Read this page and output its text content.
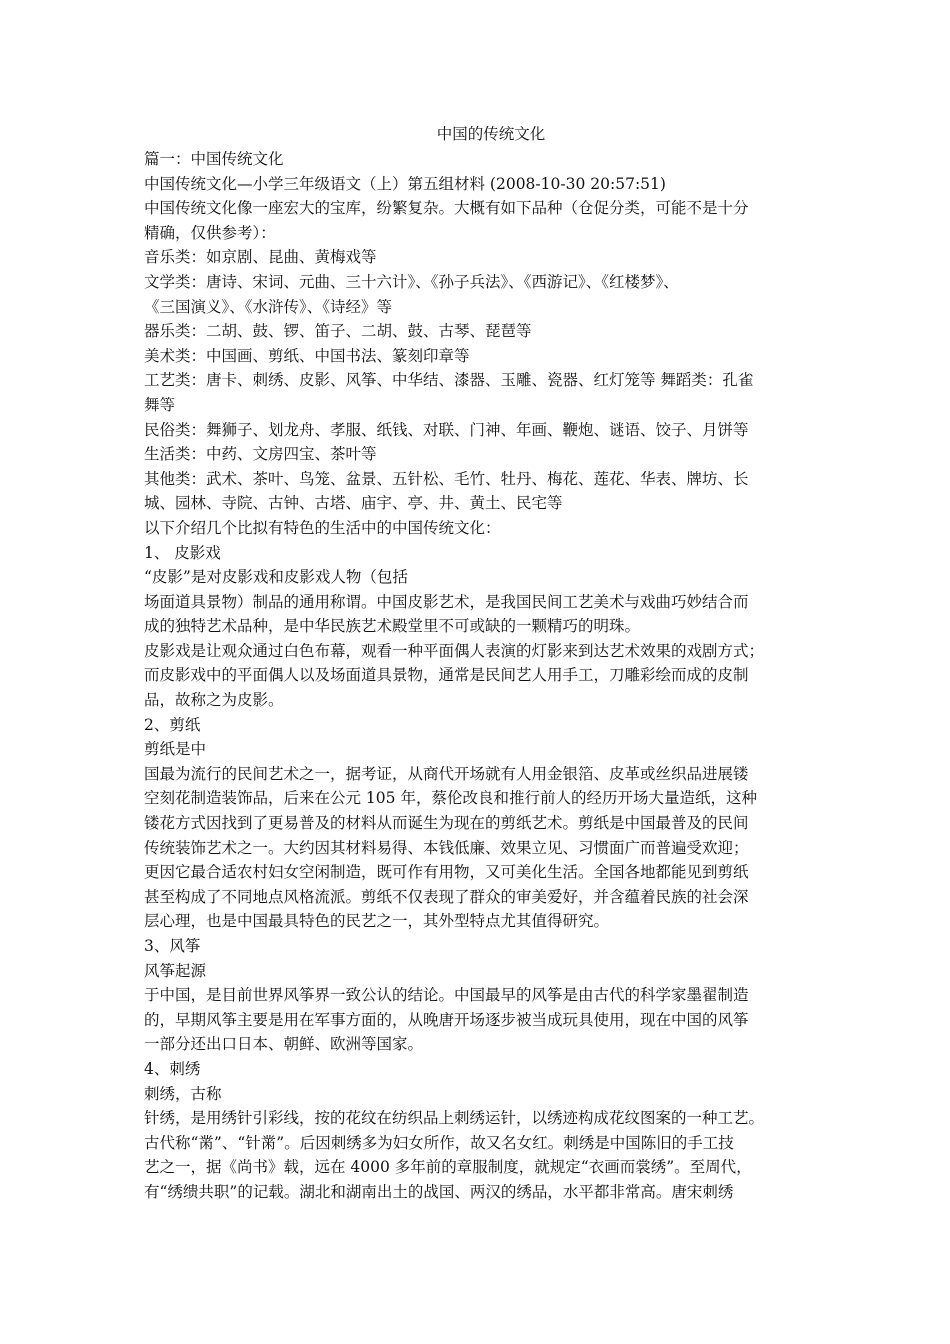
中国的传统文化
篇一：中国传统文化
中国传统文化—小学三年级语文（上）第五组材料 (2008-10-30 20:57:51)
中国传统文化像一座宏大的宝库，纷繁复杂。大概有如下品种（仓促分类，可能不是十分
精确，仅供参考）：
音乐类：如京剧、昆曲、黄梅戏等
文学类：唐诗、宋词、元曲、三十六计》、《孙子兵法》、《西游记》、《红楼梦》、
《三国演义》、《水浒传》、《诗经》等
器乐类：二胡、鼓、锣、笛子、二胡、鼓、古琴、琵琶等
美术类：中国画、剪纸、中国书法、篆刻印章等
工艺类：唐卡、刺绣、皮影、风筝、中华结、漆器、玉雕、瓷器、红灯笼等 舞蹈类：孔雀
舞等
民俗类：舞狮子、划龙舟、孝服、纸钱、对联、门神、年画、鞭炮、谜语、饺子、月饼等
生活类：中药、文房四宝、茶叶等
其他类：武术、茶叶、鸟笼、盆景、五针松、毛竹、牡丹、梅花、莲花、华表、牌坊、长
城、园林、寺院、古钟、古塔、庙宇、亭、井、黄土、民宅等
以下介绍几个比拟有特色的生活中的中国传统文化：
1、 皮影戏
“皮影”是对皮影戏和皮影戏人物（包括
场面道具景物）制品的通用称谓。中国皮影艺术，是我国民间工艺美术与戏曲巧妙结合而
成的独特艺术品种，是中华民族艺术殿堂里不可或缺的一颗精巧的明珠。
皮影戏是让观众通过白色布幕，观看一种平面偶人表演的灯影来到达艺术效果的戏剧方式；
而皮影戏中的平面偶人以及场面道具景物，通常是民间艺人用手工，刀雕彩绘而成的皮制
品，故称之为皮影。
2、剪纸
剪纸是中
国最为流行的民间艺术之一，据考证，从商代开场就有人用金银箔、皮革或丝织品进展镂
空刻花制造装饰品，后来在公元 105 年，蔡伦改良和推行前人的经历开场大量造纸，这种
镂花方式因找到了更易普及的材料从而诞生为现在的剪纸艺术。剪纸是中国最普及的民间
传统装饰艺术之一。大约因其材料易得、本钱低廉、效果立见、习惯面广而普遍受欢迎；
更因它最合适农村妇女空闲制造，既可作有用物，又可美化生活。全国各地都能见到剪纸
甚至构成了不同地点风格流派。剪纸不仅表现了群众的审美爱好，并含蕴着民族的社会深
层心理，也是中国最具特色的民艺之一，其外型特点尤其值得研究。
3、风筝
风筝起源
于中国，是目前世界风筝界一致公认的结论。中国最早的风筝是由古代的科学家墨翟制造
的，早期风筝主要是用在军事方面的，从晚唐开场逐步被当成玩具使用，现在中国的风筝
一部分还出口日本、朝鲜、欧洲等国家。
4、刺绣
刺绣，古称
针绣，是用绣针引彩线，按的花纹在纺织品上刺绣运针，以绣迹构成花纹图案的一种工艺。
古代称“黹”、“针黹”。后因刺绣多为妇女所作，故又名女红。刺绣是中国陈旧的手工技
艺之一，据《尚书》载，远在 4000 多年前的章服制度，就规定“衣画而裳绣”。至周代，
有“绣缋共职”的记载。湖北和湖南出土的战国、两汉的绣品，水平都非常高。唐宋刺绣
